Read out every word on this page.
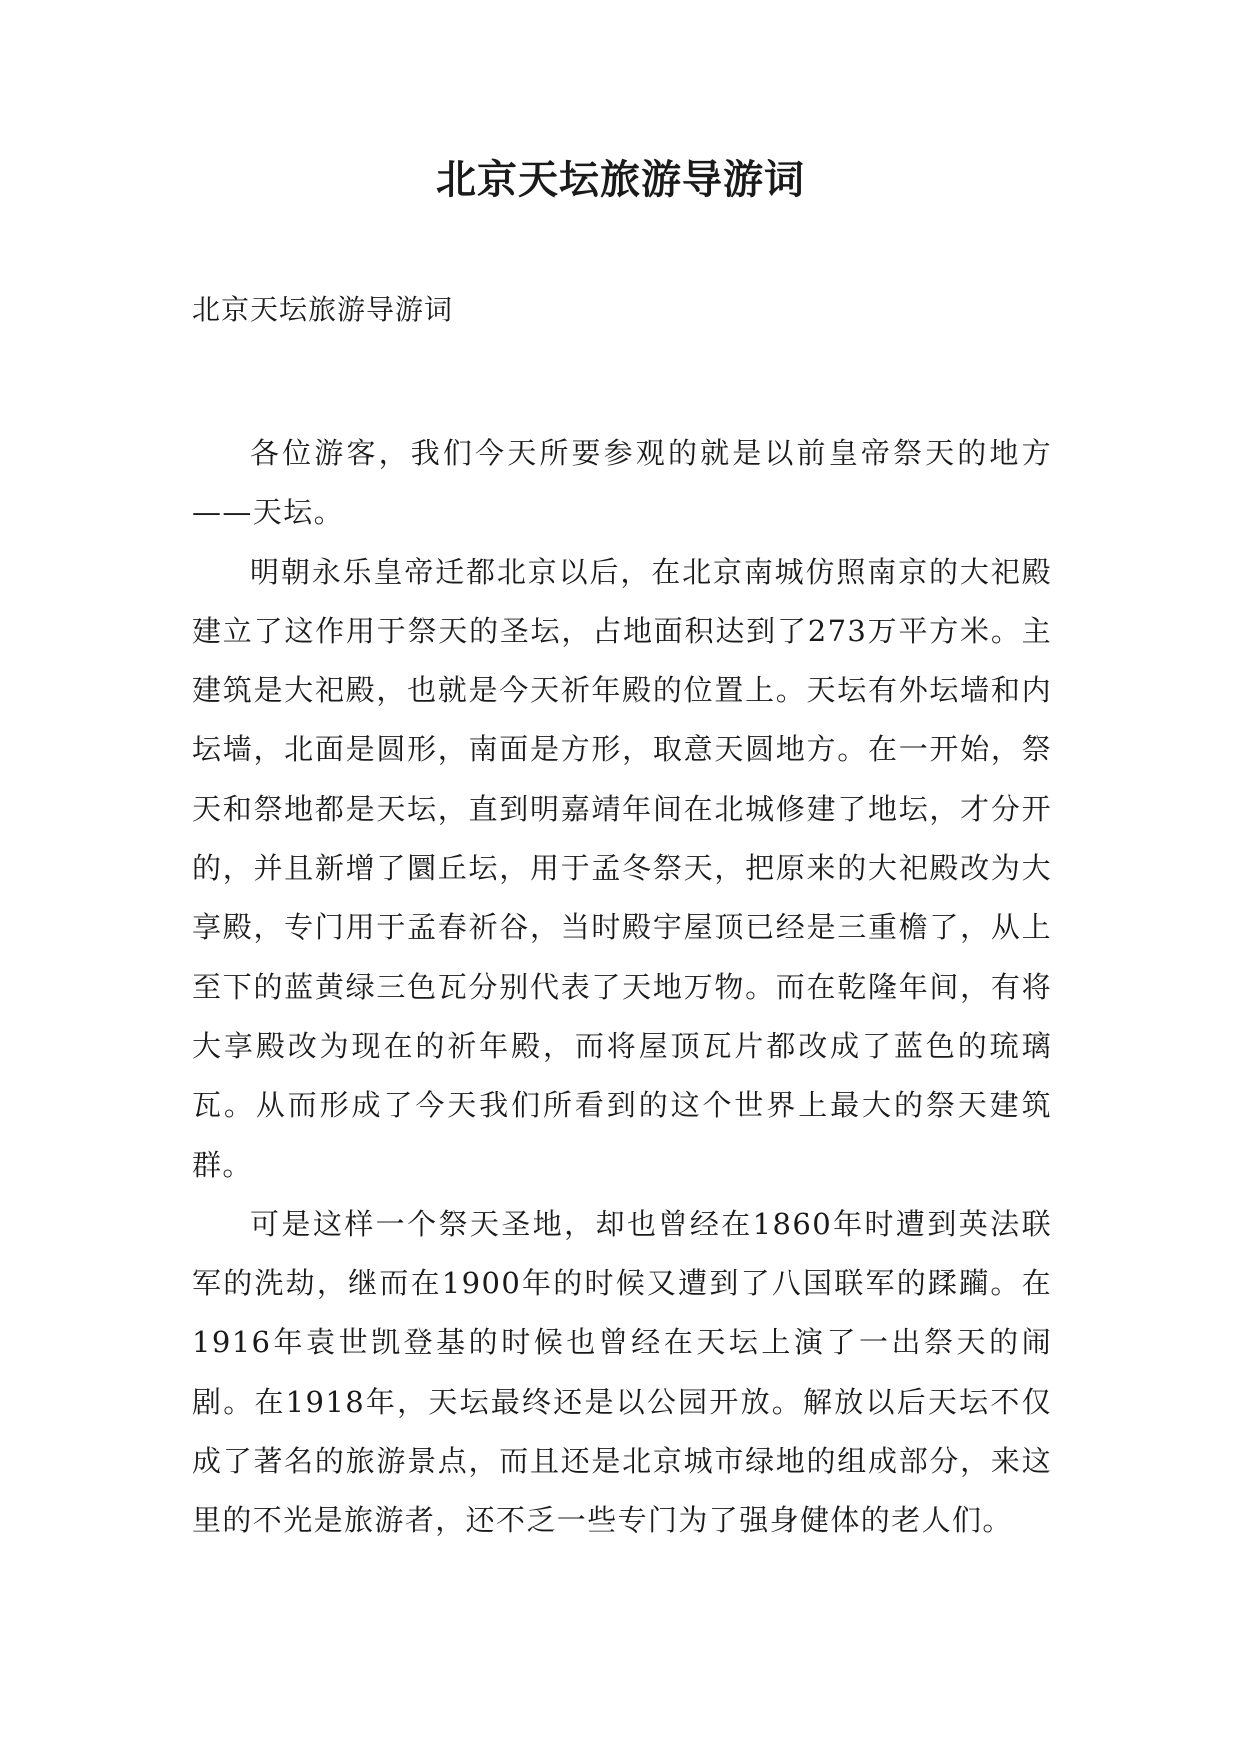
北京天坛旅游导游词

北京天坛旅游导游词

各位游客，我们今天所要参观的就是以前皇帝祭天的地方——天坛。

明朝永乐皇帝迁都北京以后，在北京南城仿照南京的大祀殿建立了这作用于祭天的圣坛，占地面积达到了273万平方米。主建筑是大祀殿，也就是今天祈年殿的位置上。天坛有外坛墙和内坛墙，北面是圆形，南面是方形，取意天圆地方。在一开始，祭天和祭地都是天坛，直到明嘉靖年间在北城修建了地坛，才分开的，并且新增了圜丘坛，用于孟冬祭天，把原来的大祀殿改为大享殿，专门用于孟春祈谷，当时殿宇屋顶已经是三重檐了，从上至下的蓝黄绿三色瓦分别代表了天地万物。而在乾隆年间，有将大享殿改为现在的祈年殿，而将屋顶瓦片都改成了蓝色的琉璃瓦。从而形成了今天我们所看到的这个世界上最大的祭天建筑群。

可是这样一个祭天圣地，却也曾经在1860年时遭到英法联军的洗劫，继而在1900年的时候又遭到了八国联军的蹂躏。在1916年袁世凯登基的时候也曾经在天坛上演了一出祭天的闹剧。在1918年，天坛最终还是以公园开放。解放以后天坛不仅成了著名的旅游景点，而且还是北京城市绿地的组成部分，来这里的不光是旅游者，还不乏一些专门为了强身健体的老人们。
